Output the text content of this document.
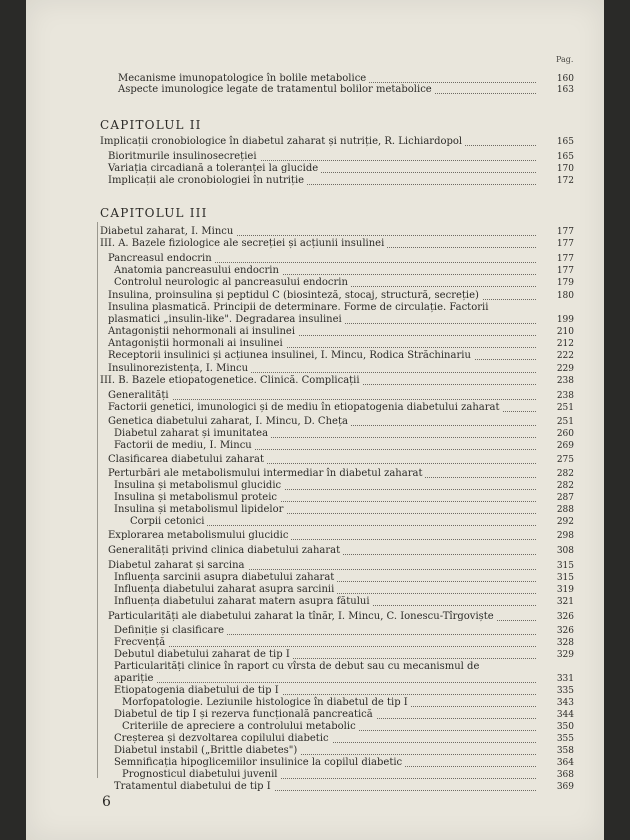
Pag.
Mecanisme imunopatologice în bolile metabolice	160
Aspecte imunologice legate de tratamentul bolilor metabolice	163
CAPITOLUL II
Implicații cronobiologice în diabetul zaharat și nutriție, R. Lichiardopol	165
Bioritmurile insulinosecreției	165
Variația circadiană a toleranței la glucide	170
Implicații ale cronobiologiei în nutriție	172
CAPITOLUL III
Diabetul zaharat, I. Mincu	177
III. A. Bazele fiziologice ale secreției și acțiunii insulinei	177
Pancreasul endocrin	177
Anatomia pancreasului endocrin	177
Controlul neurologic al pancreasului endocrin	179
Insulina, proinsulina și peptidul C (biosinteză, stocaj, structură, secreție)	180
Insulina plasmatică. Principii de determinare. Forme de circulație. Factorii
plasmatici „insulin-like". Degradarea insulinei	199
Antagoniștii nehormonali ai insulinei	210
Antagoniștii hormonali ai insulinei	212
Receptorii insulinici și acțiunea insulinei, I. Mincu, Rodica Străchinariu	222
Insulinorezistența, I. Mincu	229
III. B. Bazele etiopatogenetice. Clinică. Complicații	238
Generalități	238
Factorii genetici, imunologici și de mediu în etiopatogenia diabetului zaharat	251
Genetica diabetului zaharat, I. Mincu, D. Cheța	251
Diabetul zaharat și imunitatea	260
Factorii de mediu, I. Mincu	269
Clasificarea diabetului zaharat	275
Perturbări ale metabolismului intermediar în diabetul zaharat	282
Insulina și metabolismul glucidic	282
Insulina și metabolismul proteic	287
Insulina și metabolismul lipidelor	288
Corpii cetonici	292
Explorarea metabolismului glucidic	298
Generalități privind clinica diabetului zaharat	308
Diabetul zaharat și sarcina	315
Influența sarcinii asupra diabetului zaharat	315
Influența diabetului zaharat asupra sarcinii	319
Influența diabetului zaharat matern asupra fătului	321
Particularități ale diabetului zaharat la tînăr, I. Mincu, C. Ionescu-Tîrgoviște	326
Definiție și clasificare	326
Frecvență	328
Debutul diabetului zaharat de tip I	329
Particularități clinice în raport cu vîrsta de debut sau cu mecanismul de
apariție	331
Etiopatogenia diabetului de tip I	335
Morfopatologie. Leziunile histologice în diabetul de tip I	343
Diabetul de tip I și rezerva funcțională pancreatică	344
Criteriile de apreciere a controlului metabolic	350
Creșterea și dezvoltarea copilului diabetic	355
Diabetul instabil („Brittle diabetes")	358
Semnificația hipoglicemiilor insulinice la copilul diabetic	364
Prognosticul diabetului juvenil	368
Tratamentul diabetului de tip I	369
6
